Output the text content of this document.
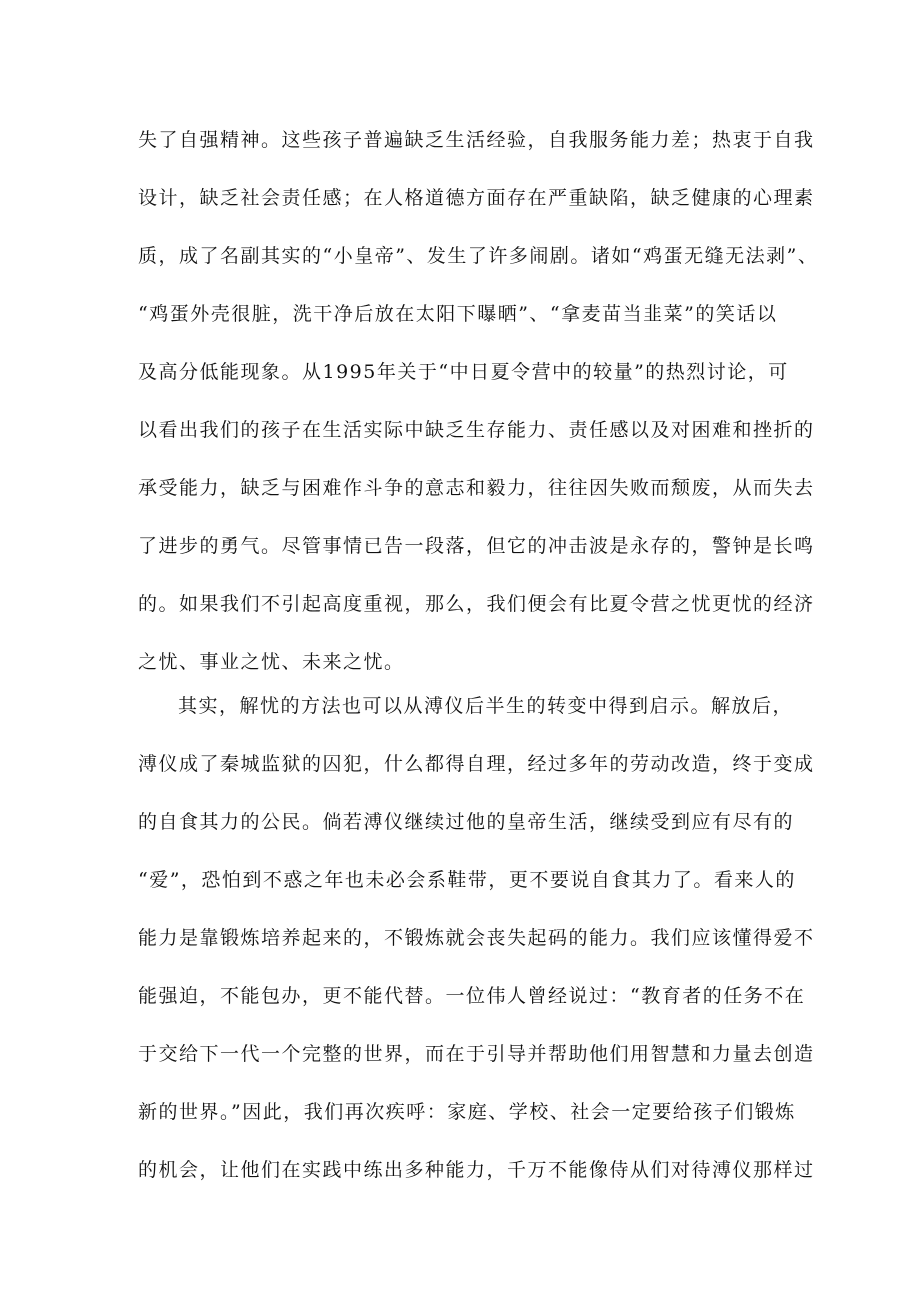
失了自强精神。这些孩子普遍缺乏生活经验，自我服务能力差；热衷于自我
设计，缺乏社会责任感；在人格道德方面存在严重缺陷，缺乏健康的心理素
质，成了名副其实的“小皇帝”、发生了许多闹剧。诸如“鸡蛋无缝无法剥”、
“鸡蛋外壳很脏，洗干净后放在太阳下曝晒”、“拿麦苗当韭菜”的笑话以
及高分低能现象。从1995年关于“中日夏令营中的较量”的热烈讨论，可
以看出我们的孩子在生活实际中缺乏生存能力、责任感以及对困难和挫折的
承受能力，缺乏与困难作斗争的意志和毅力，往往因失败而颓废，从而失去
了进步的勇气。尽管事情已告一段落，但它的冲击波是永存的，警钟是长鸣
的。如果我们不引起高度重视，那么，我们便会有比夏令营之忧更忧的经济
之忧、事业之忧、未来之忧。
其实，解忧的方法也可以从溥仪后半生的转变中得到启示。解放后，
溥仪成了秦城监狱的囚犯，什么都得自理，经过多年的劳动改造，终于变成
的自食其力的公民。倘若溥仪继续过他的皇帝生活，继续受到应有尽有的
“爱”，恐怕到不惑之年也未必会系鞋带，更不要说自食其力了。看来人的
能力是靠锻炼培养起来的，不锻炼就会丧失起码的能力。我们应该懂得爱不
能强迫，不能包办，更不能代替。一位伟人曾经说过：“教育者的任务不在
于交给下一代一个完整的世界，而在于引导并帮助他们用智慧和力量去创造
新的世界。”因此，我们再次疾呼：家庭、学校、社会一定要给孩子们锻炼
的机会，让他们在实践中练出多种能力，千万不能像侍从们对待溥仪那样过
